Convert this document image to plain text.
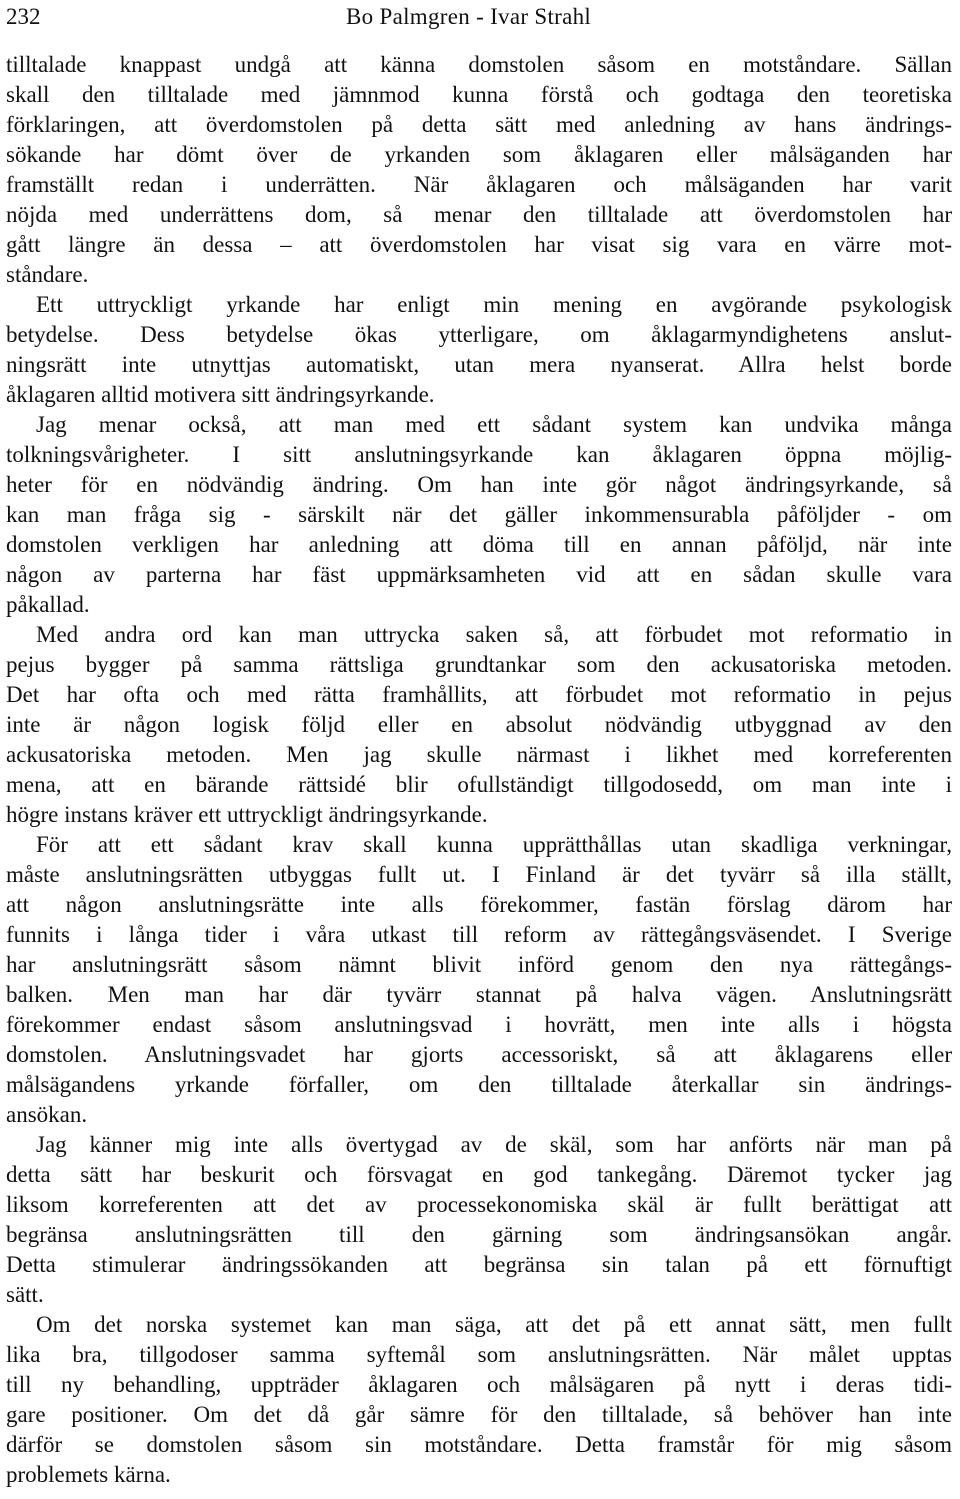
232	Bo Palmgren - Ivar Strahl
tilltalade knappast undgå att känna domstolen såsom en motståndare. Sällan
skall den tilltalade med jämnmod kunna förstå och godtaga den teoretiska
förklaringen, att överdomstolen på detta sätt med anledning av hans ändrings-
sökande har dömt över de yrkanden som åklagaren eller målsäganden har
framställt redan i underrätten. När åklagaren och målsäganden har varit
nöjda med underrättens dom, så menar den tilltalade att överdomstolen har
gått längre än dessa – att överdomstolen har visat sig vara en värre mot-
ståndare.
Ett uttryckligt yrkande har enligt min mening en avgörande psykologisk
betydelse. Dess betydelse ökas ytterligare, om åklagarmyndighetens anslut-
ningsrätt inte utnyttjas automatiskt, utan mera nyanserat. Allra helst borde
åklagaren alltid motivera sitt ändringsyrkande.
Jag menar också, att man med ett sådant system kan undvika många
tolkningsvårigheter. I sitt anslutningsyrkande kan åklagaren öppna möjlig-
heter för en nödvändig ändring. Om han inte gör något ändringsyrkande, så
kan man fråga sig - särskilt när det gäller inkommensurabla påföljder - om
domstolen verkligen har anledning att döma till en annan påföljd, när inte
någon av parterna har fäst uppmärksamheten vid att en sådan skulle vara
påkallad.
Med andra ord kan man uttrycka saken så, att förbudet mot reformatio in
pejus bygger på samma rättsliga grundtankar som den ackusatoriska metoden.
Det har ofta och med rätta framhållits, att förbudet mot reformatio in pejus
inte är någon logisk följd eller en absolut nödvändig utbyggnad av den
ackusatoriska metoden. Men jag skulle närmast i likhet med korreferenten
mena, att en bärande rättsidé blir ofullständigt tillgodosedd, om man inte i
högre instans kräver ett uttryckligt ändringsyrkande.
För att ett sådant krav skall kunna upprätthållas utan skadliga verkningar,
måste anslutningsrätten utbyggas fullt ut. I Finland är det tyvärr så illa ställt,
att någon anslutningsrätte inte alls förekommer, fastän förslag därom har
funnits i långa tider i våra utkast till reform av rättegångsväsendet. I Sverige
har anslutningsrätt såsom nämnt blivit införd genom den nya rättegångs-
balken. Men man har där tyvärr stannat på halva vägen. Anslutningsrätt
förekommer endast såsom anslutningsvad i hovrätt, men inte alls i högsta
domstolen. Anslutningsvadet har gjorts accessoriskt, så att åklagarens eller
målsägandens yrkande förfaller, om den tilltalade återkallar sin ändrings-
ansökan.
Jag känner mig inte alls övertygad av de skäl, som har anförts när man på
detta sätt har beskurit och försvagat en god tankegång. Däremot tycker jag
liksom korreferenten att det av processekonomiska skäl är fullt berättigat att
begränsa anslutningsrätten till den gärning som ändringsansökan angår.
Detta stimulerar ändringssökanden att begränsa sin talan på ett förnuftigt
sätt.
Om det norska systemet kan man säga, att det på ett annat sätt, men fullt
lika bra, tillgodoser samma syftemål som anslutningsrätten. När målet upptas
till ny behandling, uppträder åklagaren och målsägaren på nytt i deras tidi-
gare positioner. Om det då går sämre för den tilltalade, så behöver han inte
därför se domstolen såsom sin motståndare. Detta framstår för mig såsom
problemets kärna.
